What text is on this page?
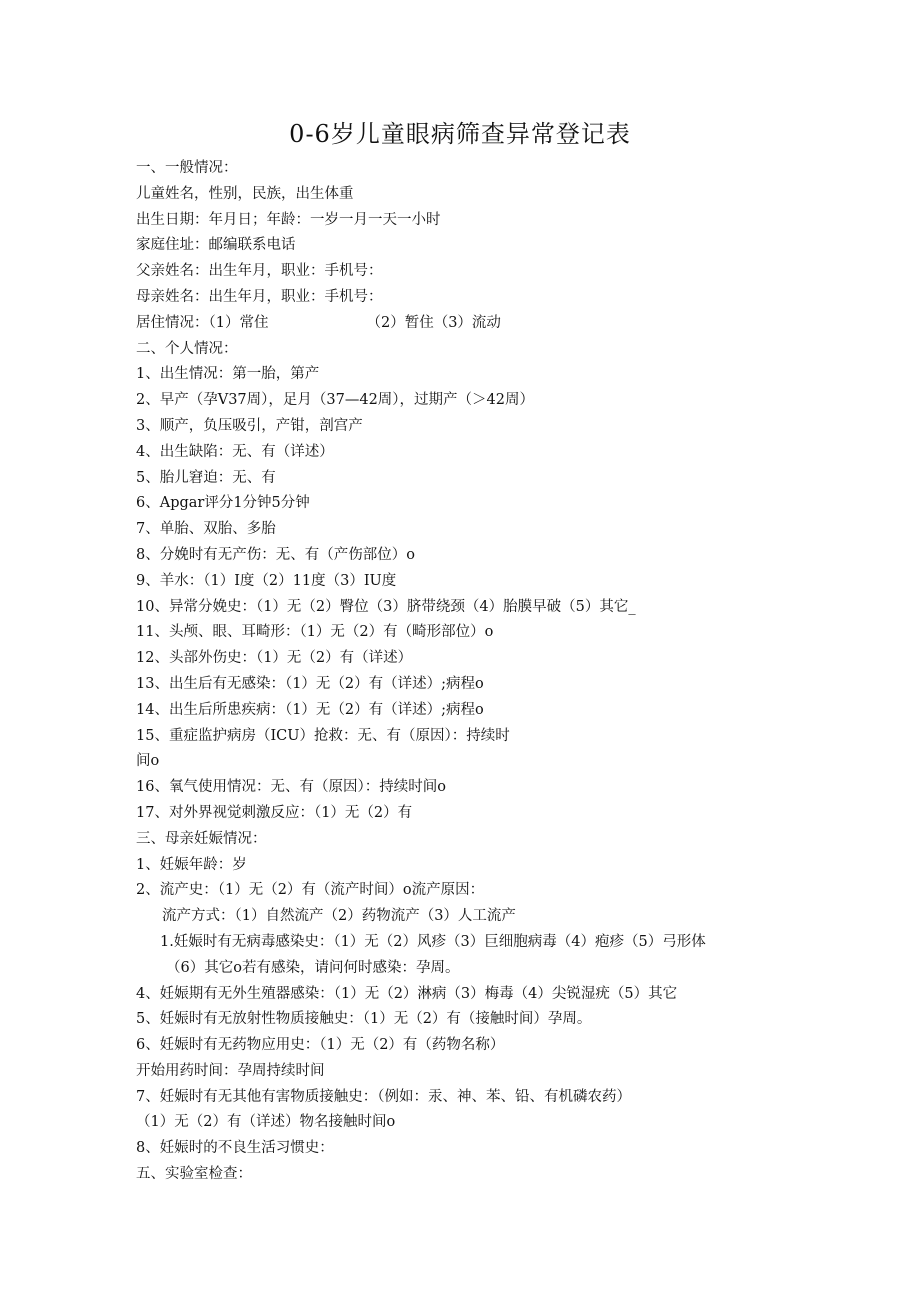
0-6岁儿童眼病筛查异常登记表
一、一般情况：
儿童姓名，性别，民族，出生体重
出生日期：年月日；年龄：一岁一月一天一小时
家庭住址：邮编联系电话
父亲姓名：出生年月，职业：手机号：
母亲姓名：出生年月，职业：手机号：
居住情况：（1）常住	（2）暂住（3）流动
二、个人情况：
1、出生情况：第一胎，第产
2、早产（孕V37周），足月（37—42周），过期产（＞42周）
3、顺产，负压吸引，产钳，剖宫产
4、出生缺陷：无、有（详述）
5、胎儿窘迫：无、有
6、Apgar评分1分钟5分钟
7、单胎、双胎、多胎
8、分娩时有无产伤：无、有（产伤部位）o
9、羊水：（1）I度（2）11度（3）IU度
10、异常分娩史：（1）无（2）臀位（3）脐带绕颈（4）胎膜早破（5）其它_
11、头颅、眼、耳畸形：（1）无（2）有（畸形部位）o
12、头部外伤史：（1）无（2）有（详述）
13、出生后有无感染：（1）无（2）有（详述）;病程o
14、出生后所患疾病：（1）无（2）有（详述）;病程o
15、重症监护病房（ICU）抢救：无、有（原因）：持续时
间o
16、氧气使用情况：无、有（原因）：持续时间o
17、对外界视觉刺激反应：（1）无（2）有
三、母亲妊娠情况：
1、妊娠年龄：岁
2、流产史：（1）无（2）有（流产时间）o流产原因：
流产方式：（1）自然流产（2）药物流产（3）人工流产
1.妊娠时有无病毒感染史：（1）无（2）风疹（3）巨细胞病毒（4）疱疹（5）弓形体
（6）其它o若有感染，请问何时感染：孕周。
4、妊娠期有无外生殖器感染：（1）无（2）淋病（3）梅毒（4）尖锐湿疣（5）其它
5、妊娠时有无放射性物质接触史：（1）无（2）有（接触时间）孕周。
6、妊娠时有无药物应用史：（1）无（2）有（药物名称）
开始用药时间：孕周持续时间
7、妊娠时有无其他有害物质接触史：（例如：汞、神、苯、铅、有机磷农药）
（1）无（2）有（详述）物名接触时间o
8、妊娠时的不良生活习惯史：
五、实验室检查：
